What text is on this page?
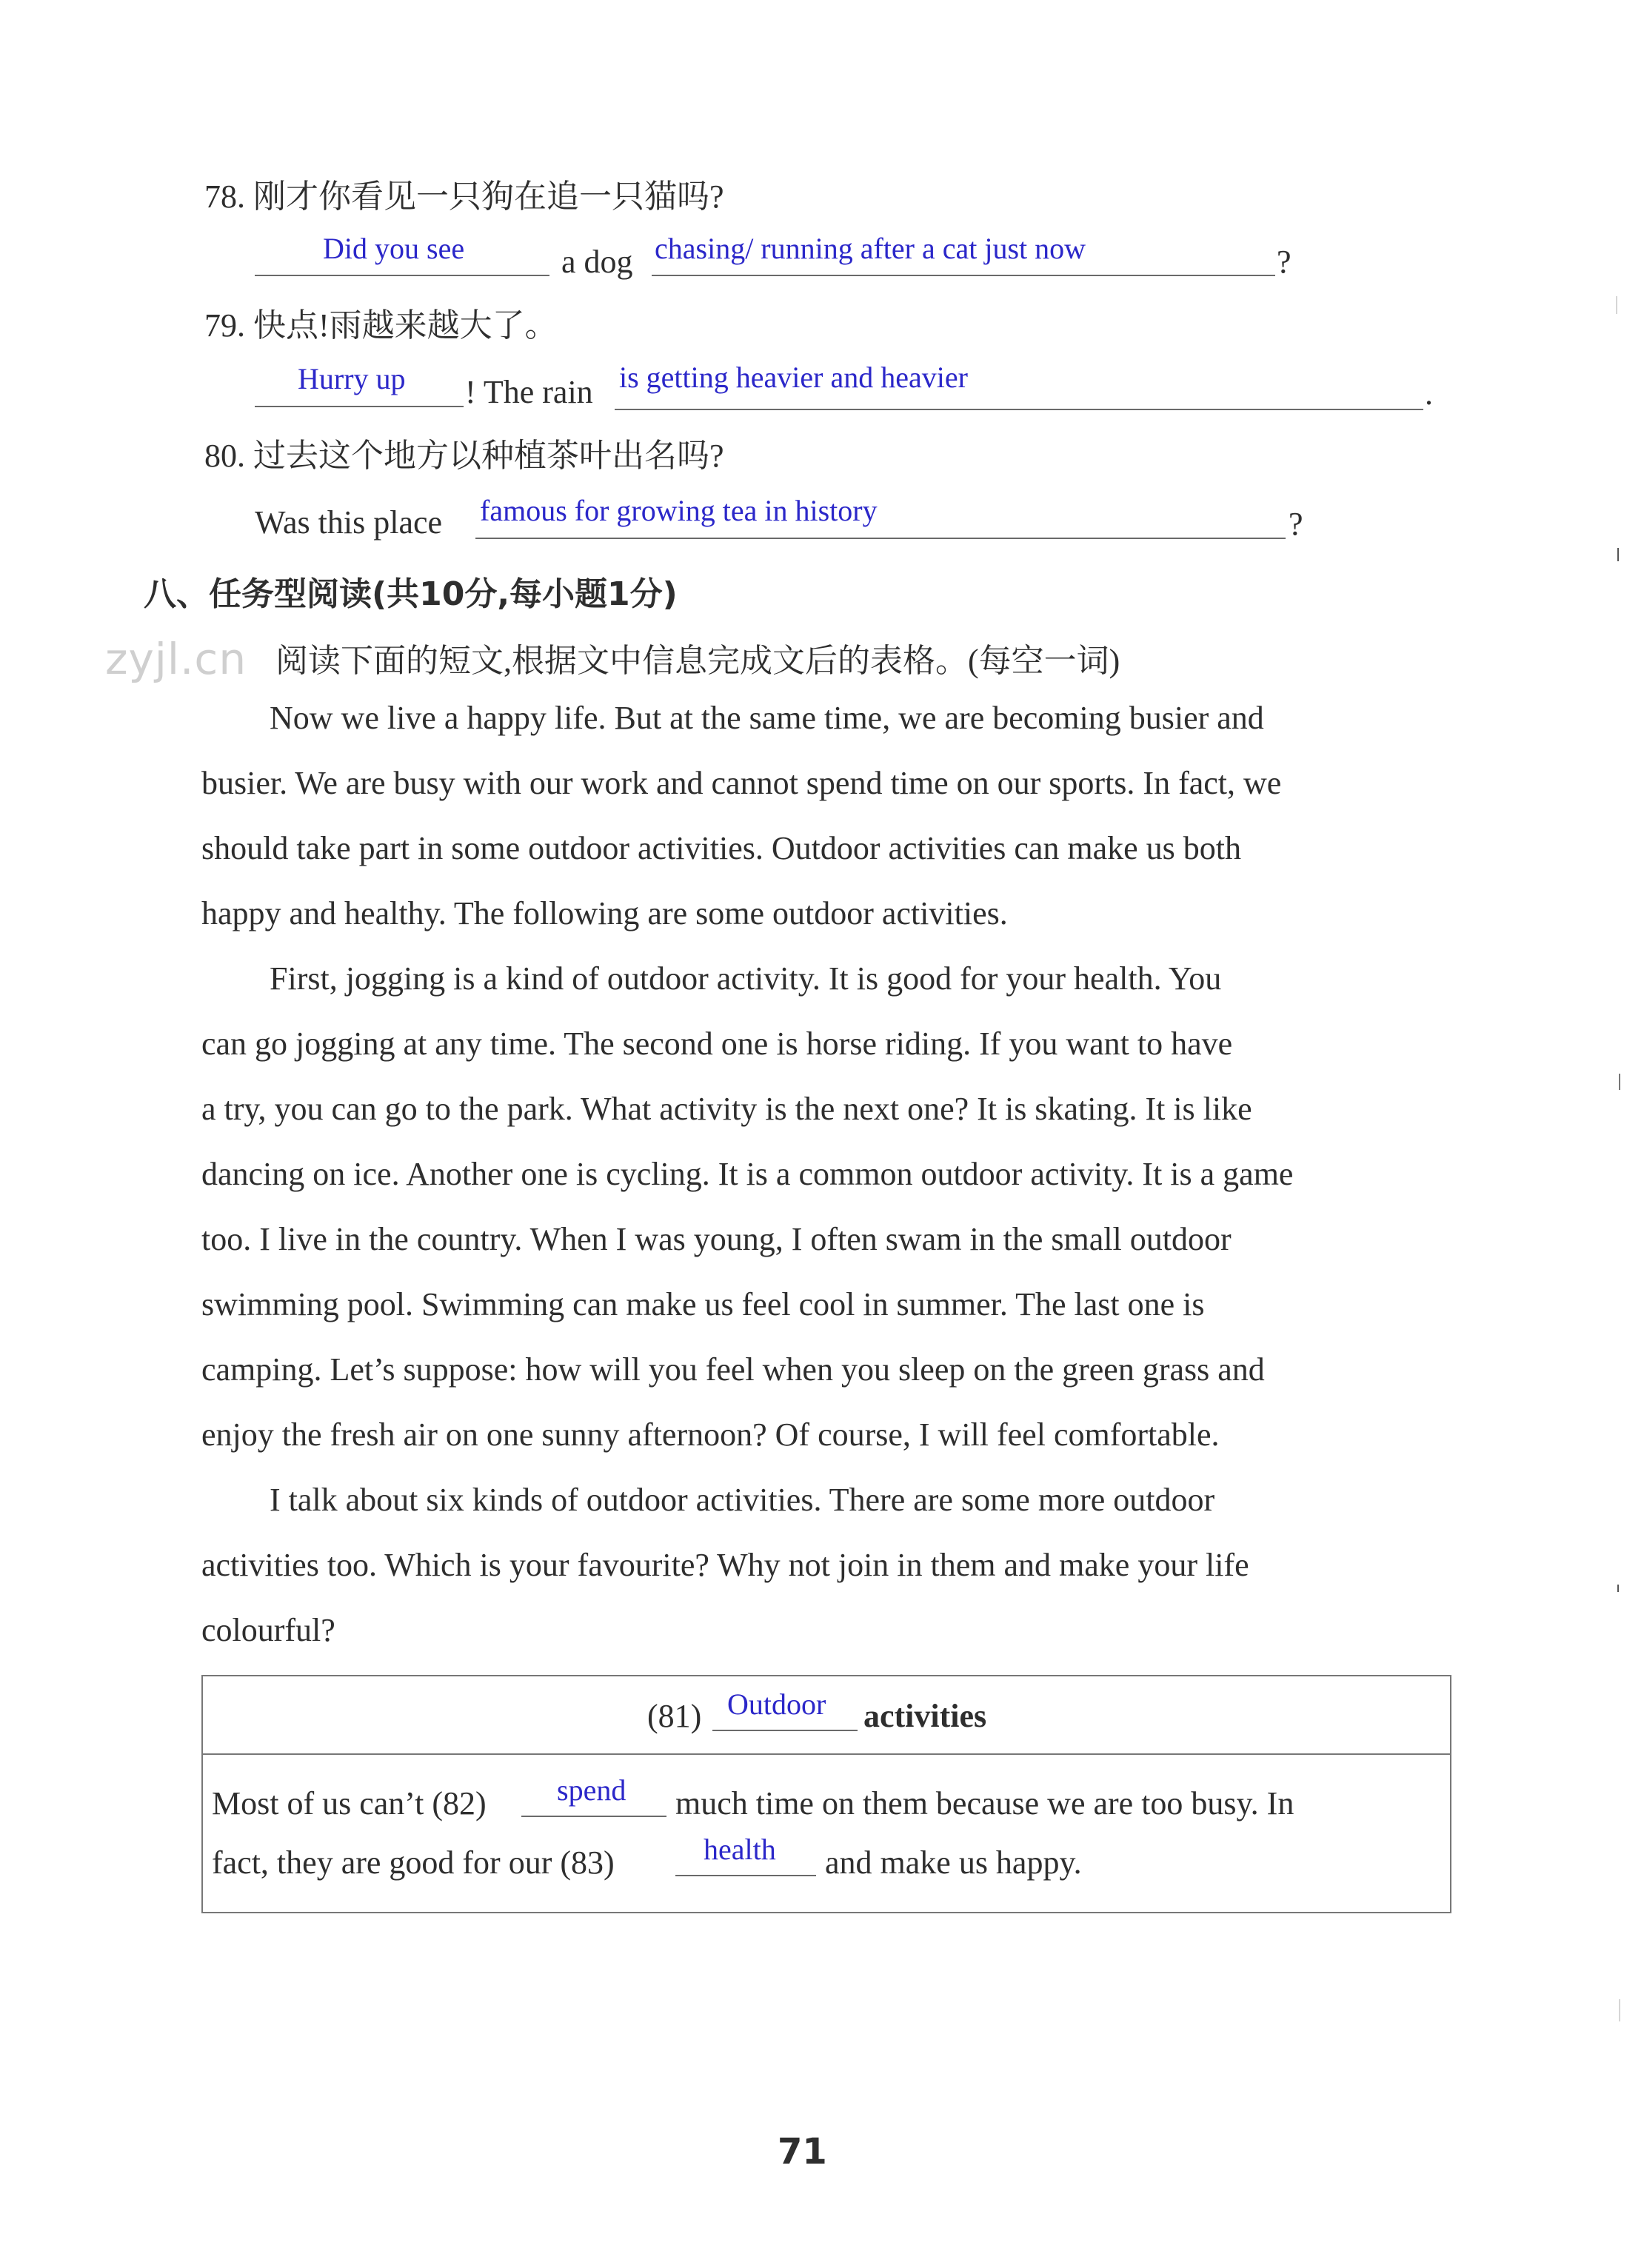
78. 刚才你看见一只狗在追一只猫吗?
Did you see	a dog chasing/ running after a cat just now	?
79. 快点!雨越来越大了。
Hurry up ! The rain is getting heavier and heavier	.
80. 过去这个地方以种植茶叶出名吗?
Was this place famous for growing tea in history	?
八、任务型阅读(共10分,每小题1分)
zyjl.cn 阅读下面的短文,根据文中信息完成文后的表格。(每空一词)
Now we live a happy life. But at the same time, we are becoming busier and
busier. We are busy with our work and cannot spend time on our sports. In fact, we
should take part in some outdoor activities. Outdoor activities can make us both
happy and healthy. The following are some outdoor activities.
First, jogging is a kind of outdoor activity. It is good for your health. You
can go jogging at any time. The second one is horse riding. If you want to have
a try, you can go to the park. What activity is the next one? It is skating. It is like
dancing on ice. Another one is cycling. It is a common outdoor activity. It is a game
too. I live in the country. When I was young, I often swam in the small outdoor
swimming pool. Swimming can make us feel cool in summer. The last one is
camping. Let’s suppose: how will you feel when you sleep on the green grass and
enjoy the fresh air on one sunny afternoon? Of course, I will feel comfortable.
I talk about six kinds of outdoor activities. There are some more outdoor
activities too. Which is your favourite? Why not join in them and make your life
colourful?
(81) Outdoor activities
Most of us can’t (82) spend much time on them because we are too busy. In
fact, they are good for our (83)	health and make us happy.
71
